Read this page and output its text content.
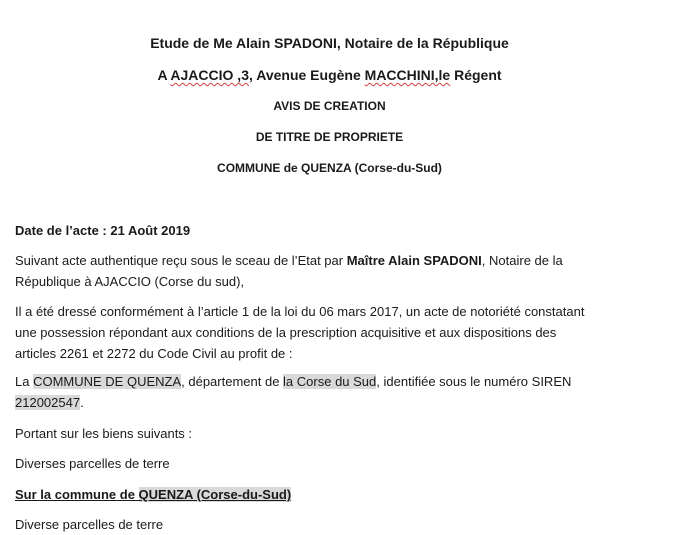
Etude de Me Alain SPADONI, Notaire de la République
A AJACCIO ,3, Avenue Eugène MACCHINI,le Régent
AVIS DE CREATION
DE TITRE DE PROPRIETE
COMMUNE de QUENZA (Corse-du-Sud)
Date de l’acte : 21 Août 2019
Suivant acte authentique reçu sous le sceau de l’Etat par Maître Alain SPADONI, Notaire de la
République à AJACCIO (Corse du sud),
Il a été dressé conformément à l’article 1 de la loi du 06 mars 2017, un acte de notoriété constatant
une possession répondant aux conditions de la prescription acquisitive et aux dispositions des
articles 2261 et 2272 du Code Civil au profit de :
La COMMUNE DE QUENZA, département de la Corse du Sud, identifiée sous le numéro SIREN
212002547.
Portant sur les biens suivants :
Diverses parcelles de terre
Sur la commune de QUENZA (Corse-du-Sud)
Diverse parcelles de terre
